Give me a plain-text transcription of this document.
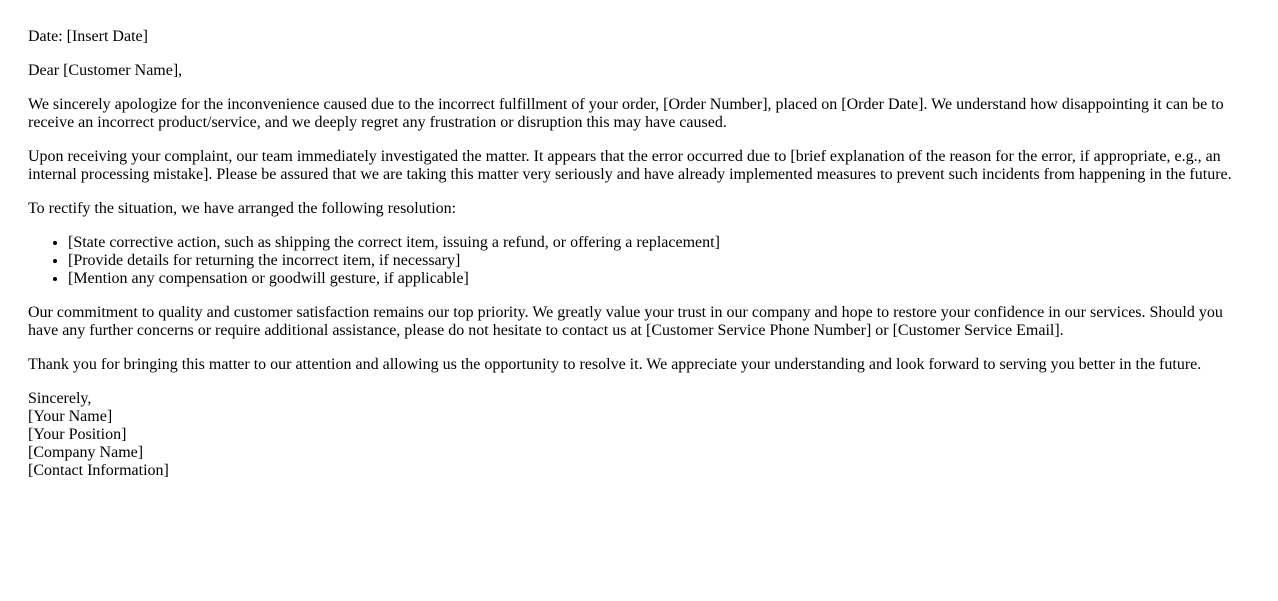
Date: [Insert Date]

Dear [Customer Name],

We sincerely apologize for the inconvenience caused due to the incorrect fulfillment of your order, [Order Number], placed on [Order Date]. We understand how disappointing it can be to receive an incorrect product/service, and we deeply regret any frustration or disruption this may have caused.

Upon receiving your complaint, our team immediately investigated the matter. It appears that the error occurred due to [brief explanation of the reason for the error, if appropriate, e.g., an internal processing mistake]. Please be assured that we are taking this matter very seriously and have already implemented measures to prevent such incidents from happening in the future.

To rectify the situation, we have arranged the following resolution:

• [State corrective action, such as shipping the correct item, issuing a refund, or offering a replacement]
• [Provide details for returning the incorrect item, if necessary]
• [Mention any compensation or goodwill gesture, if applicable]

Our commitment to quality and customer satisfaction remains our top priority. We greatly value your trust in our company and hope to restore your confidence in our services. Should you have any further concerns or require additional assistance, please do not hesitate to contact us at [Customer Service Phone Number] or [Customer Service Email].

Thank you for bringing this matter to our attention and allowing us the opportunity to resolve it. We appreciate your understanding and look forward to serving you better in the future.

Sincerely,
[Your Name]
[Your Position]
[Company Name]
[Contact Information]
